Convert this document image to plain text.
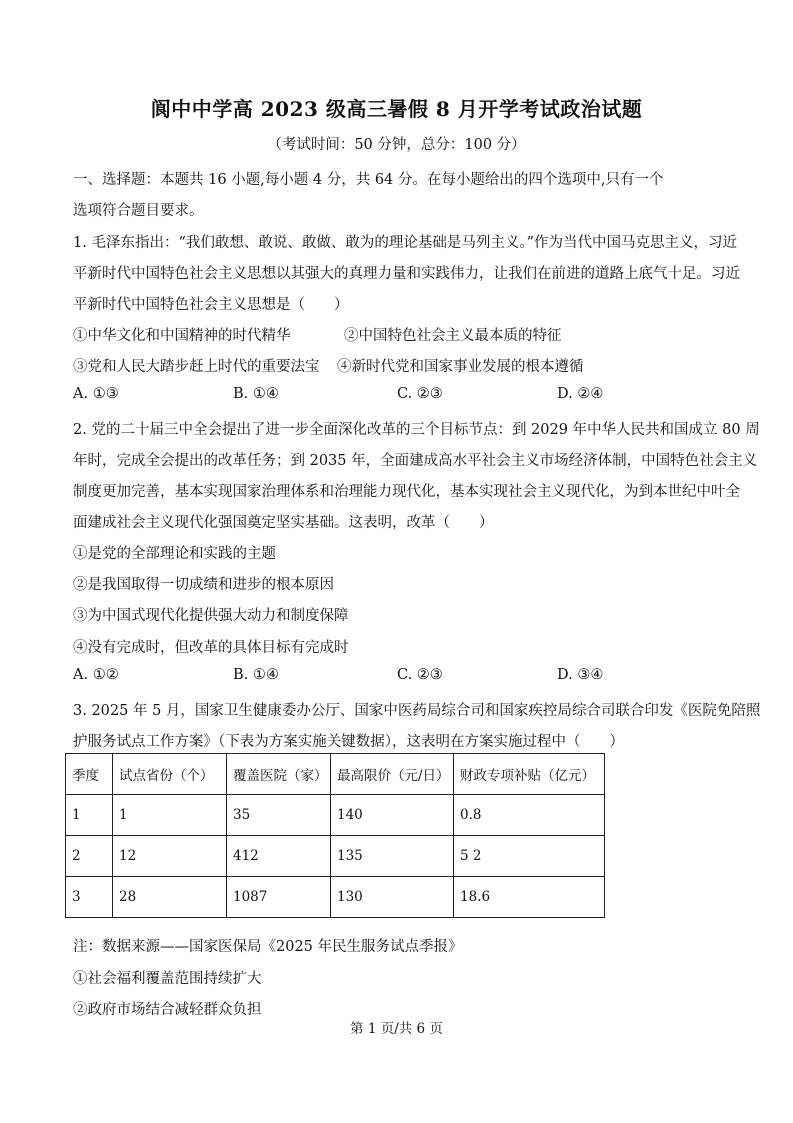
阆中中学高 2023 级高三暑假 8 月开学考试政治试题
（考试时间：50 分钟，总分：100 分）
一、选择题：本题共 16 小题,每小题 4 分，共 64 分。在每小题给出的四个选项中,只有一个
选项符合题目要求。
1. 毛泽东指出：“我们敢想、敢说、敢做、敢为的理论基础是马列主义。”作为当代中国马克思主义，习近
平新时代中国特色社会主义思想以其强大的真理力量和实践伟力，让我们在前进的道路上底气十足。习近
平新时代中国特色社会主义思想是（　　）
①中华文化和中国精神的时代精华	②中国特色社会主义最本质的特征
③党和人民大踏步赶上时代的重要法宝 ④新时代党和国家事业发展的根本遵循
A. ①③	B. ①④	C. ②③	D. ②④
2. 党的二十届三中全会提出了进一步全面深化改革的三个目标节点：到 2029 年中华人民共和国成立 80 周
年时，完成全会提出的改革任务；到 2035 年，全面建成高水平社会主义市场经济体制，中国特色社会主义
制度更加完善，基本实现国家治理体系和治理能力现代化，基本实现社会主义现代化，为到本世纪中叶全
面建成社会主义现代化强国奠定坚实基础。这表明，改革（　　）
①是党的全部理论和实践的主题
②是我国取得一切成绩和进步的根本原因
③为中国式现代化提供强大动力和制度保障
④没有完成时，但改革的具体目标有完成时
A. ①②	B. ①④	C. ②③	D. ③④
3. 2025 年 5 月，国家卫生健康委办公厅、国家中医药局综合司和国家疾控局综合司联合印发《医院免陪照
护服务试点工作方案》（下表为方案实施关键数据），这表明在方案实施过程中（　　）
季度	试点省份（个）	覆盖医院（家）	最高限价（元/日）	财政专项补贴（亿元）
1	1	35	140	0.8
2	12	412	135	5 2
3	28	1087	130	18.6
注：数据来源——国家医保局《2025 年民生服务试点季报》
①社会福利覆盖范围持续扩大
②政府市场结合减轻群众负担
第 1 页/共 6 页
